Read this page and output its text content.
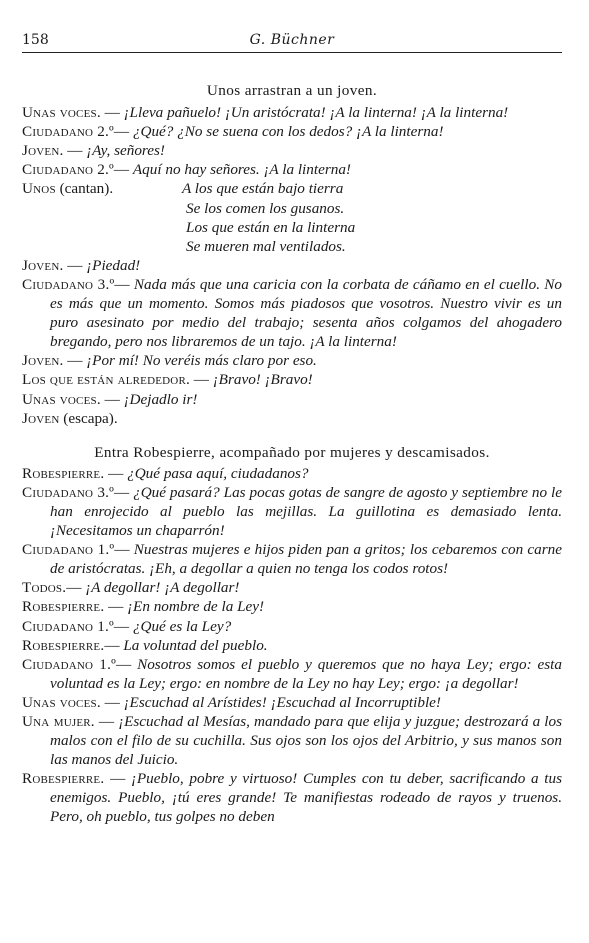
158	G. Büchner
Unos arrastran a un joven.
Unas voces. — ¡Lleva pañuelo! ¡Un aristócrata! ¡A la linterna! ¡A la linterna!
Ciudadano 2.º— ¿Qué? ¿No se suena con los dedos? ¡A la linterna!
Joven. — ¡Ay, señores!
Ciudadano 2.º— Aquí no hay señores. ¡A la linterna!
Unos (cantan).	A los que están bajo tierra
Se los comen los gusanos.
Los que están en la linterna
Se mueren mal ventilados.
Joven. — ¡Piedad!
Ciudadano 3.º— Nada más que una caricia con la corbata de cáñamo en el cuello. No es más que un momento. Somos más piadosos que vosotros. Nuestro vivir es un puro asesinato por medio del trabajo; sesenta años colgamos del ahogadero bregando, pero nos libraremos de un tajo. ¡A la linterna!
Joven. — ¡Por mí! No veréis más claro por eso.
Los que están alrededor. — ¡Bravo! ¡Bravo!
Unas voces. — ¡Dejadlo ir!
Joven (escapa).
Entra Robespierre, acompañado por mujeres y descamisados.
Robespierre. — ¿Qué pasa aquí, ciudadanos?
Ciudadano 3.º— ¿Qué pasará? Las pocas gotas de sangre de agosto y septiembre no le han enrojecido al pueblo las mejillas. La guillotina es demasiado lenta. ¡Necesitamos un chaparrón!
Ciudadano 1.º— Nuestras mujeres e hijos piden pan a gritos; los cebaremos con carne de aristócratas. ¡Eh, a degollar a quien no tenga los codos rotos!
Todos.— ¡A degollar! ¡A degollar!
Robespierre. — ¡En nombre de la Ley!
Ciudadano 1.º— ¿Qué es la Ley?
Robespierre.— La voluntad del pueblo.
Ciudadano 1.º— Nosotros somos el pueblo y queremos que no haya Ley; ergo: esta voluntad es la Ley; ergo: en nombre de la Ley no hay Ley; ergo: ¡a degollar!
Unas voces. — ¡Escuchad al Arístides! ¡Escuchad al Incorruptible!
Una mujer. — ¡Escuchad al Mesías, mandado para que elija y juzgue; destrozará a los malos con el filo de su cuchilla. Sus ojos son los ojos del Arbitrio, y sus manos son las manos del Juicio.
Robespierre. — ¡Pueblo, pobre y virtuoso! Cumples con tu deber, sacrificando a tus enemigos. Pueblo, ¡tú eres grande! Te manifiestas rodeado de rayos y truenos. Pero, oh pueblo, tus golpes no deben
